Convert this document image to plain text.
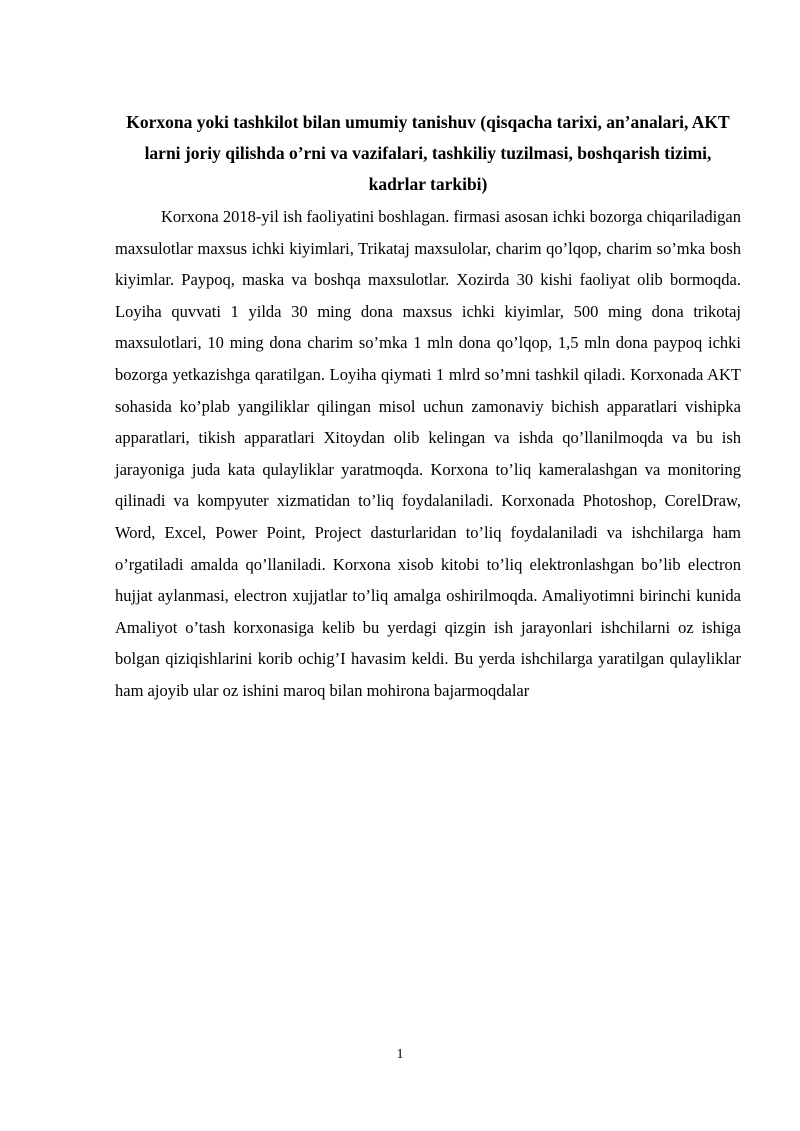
Korxona yoki tashkilot bilan umumiy tanishuv (qisqacha tarixi, an’analari, AKT larni joriy qilishda o’rni va vazifalari, tashkiliy tuzilmasi, boshqarish tizimi, kadrlar tarkibi)

Korxona 2018-yil ish faoliyatini boshlagan. firmasi asosan ichki bozorga chiqariladigan maxsulotlar maxsus ichki kiyimlari, Trikataj maxsulolar, charim qo’lqop, charim so’mka bosh kiyimlar. Paypoq, maska va boshqa maxsulotlar. Xozirda 30 kishi faoliyat olib bormoqda. Loyiha quvvati 1 yilda 30 ming dona maxsus ichki kiyimlar, 500 ming dona trikotaj maxsulotlari, 10 ming dona charim so’mka 1 mln dona qo’lqop, 1,5 mln dona paypoq ichki bozorga yetkazishga qaratilgan. Loyiha qiymati 1 mlrd so’mni tashkil qiladi. Korxonada AKT sohasida ko’plab yangiliklar qilingan misol uchun zamonaviy bichish apparatlari vishipka apparatlari, tikish apparatlari Xitoydan olib kelingan va ishda qo’llanilmoqda va bu ish jarayoniga juda kata qulayliklar yaratmoqda. Korxona to’liq kameralashgan va monitoring qilinadi va kompyuter xizmatidan to’liq foydalaniladi. Korxonada Photoshop, CorelDraw, Word, Excel, Power Point, Project dasturlaridan to’liq foydalaniladi va ishchilarga ham o’rgatiladi amalda qo’llaniladi. Korxona xisob kitobi to’liq elektronlashgan bo’lib electron hujjat aylanmasi, electron xujjatlar to’liq amalga oshirilmoqda. Amaliyotimni birinchi kunida Amaliyot o’tash korxonasiga kelib bu yerdagi qizgin ish jarayonlari ishchilarni oz ishiga bolgan qiziqishlarini korib ochig’I havasim keldi. Bu yerda ishchilarga yaratilgan qulayliklar ham ajoyib ular oz ishini maroq bilan mohirona bajarmoqdalar

1
